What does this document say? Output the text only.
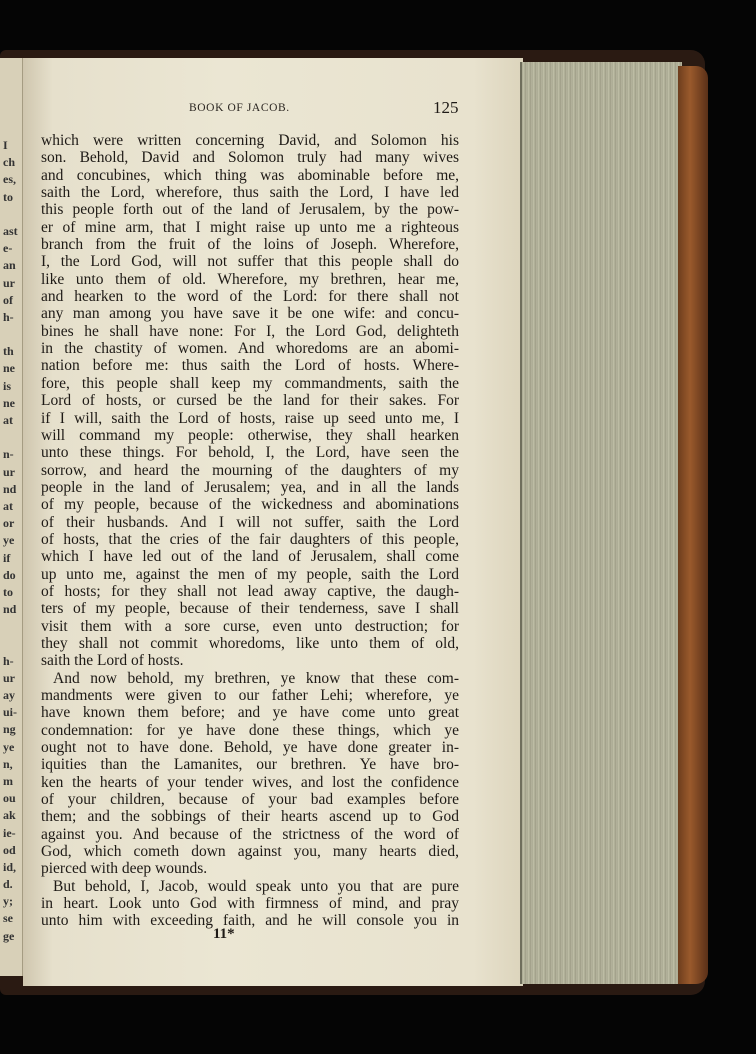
I
ch
es,
to
ast
e-
an
ur
of
h-
th
ne
is
ne
at
n-
ur
nd
at
or
ye
if
do
to
nd
h-
ur
ay
ui-
ng
ye
n,
m
ou
ak
ie-
od
id,
d.
y;
se
ge
BOOK OF JACOB.	125
which were written concerning David, and Solomon his
son. Behold, David and Solomon truly had many wives
and concubines, which thing was abominable before me,
saith the Lord, wherefore, thus saith the Lord, I have led
this people forth out of the land of Jerusalem, by the pow-
er of mine arm, that I might raise up unto me a righteous
branch from the fruit of the loins of Joseph. Wherefore,
I, the Lord God, will not suffer that this people shall do
like unto them of old. Wherefore, my brethren, hear me,
and hearken to the word of the Lord: for there shall not
any man among you have save it be one wife: and concu-
bines he shall have none: For I, the Lord God, delighteth
in the chastity of women. And whoredoms are an abomi-
nation before me: thus saith the Lord of hosts. Where-
fore, this people shall keep my commandments, saith the
Lord of hosts, or cursed be the land for their sakes. For
if I will, saith the Lord of hosts, raise up seed unto me, I
will command my people: otherwise, they shall hearken
unto these things. For behold, I, the Lord, have seen the
sorrow, and heard the mourning of the daughters of my
people in the land of Jerusalem; yea, and in all the lands
of my people, because of the wickedness and abominations
of their husbands. And I will not suffer, saith the Lord
of hosts, that the cries of the fair daughters of this people,
which I have led out of the land of Jerusalem, shall come
up unto me, against the men of my people, saith the Lord
of hosts; for they shall not lead away captive, the daugh-
ters of my people, because of their tenderness, save I shall
visit them with a sore curse, even unto destruction; for
they shall not commit whoredoms, like unto them of old,
saith the Lord of hosts.
And now behold, my brethren, ye know that these com-
mandments were given to our father Lehi; wherefore, ye
have known them before; and ye have come unto great
condemnation: for ye have done these things, which ye
ought not to have done. Behold, ye have done greater in-
iquities than the Lamanites, our brethren. Ye have bro-
ken the hearts of your tender wives, and lost the confidence
of your children, because of your bad examples before
them; and the sobbings of their hearts ascend up to God
against you. And because of the strictness of the word of
God, which cometh down against you, many hearts died,
pierced with deep wounds.
But behold, I, Jacob, would speak unto you that are pure
in heart. Look unto God with firmness of mind, and pray
unto him with exceeding faith, and he will console you in
11*
